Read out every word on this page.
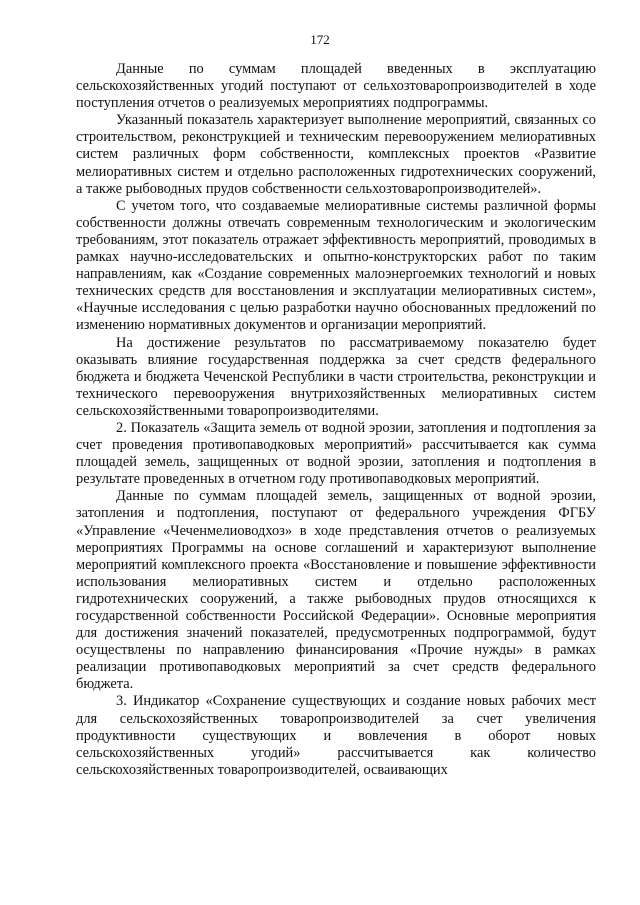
172

Данные по суммам площадей введенных в эксплуатацию сельскохозяйственных угодий поступают от сельхозтоваропроизводителей в ходе поступления отчетов о реализуемых мероприятиях подпрограммы.

Указанный показатель характеризует выполнение мероприятий, связанных со строительством, реконструкцией и техническим перевооружением мелиоративных систем различных форм собственности, комплексных проектов «Развитие мелиоративных систем и отдельно расположенных гидротехнических сооружений, а также рыбоводных прудов собственности сельхозтоваропроизводителей».

С учетом того, что создаваемые мелиоративные системы различной формы собственности должны отвечать современным технологическим и экологическим требованиям, этот показатель отражает эффективность мероприятий, проводимых в рамках научно-исследовательских и опытно-конструкторских работ по таким направлениям, как «Создание современных малоэнергоемких технологий и новых технических средств для восстановления и эксплуатации мелиоративных систем», «Научные исследования с целью разработки научно обоснованных предложений по изменению нормативных документов и организации мероприятий.

На достижение результатов по рассматриваемому показателю будет оказывать влияние государственная поддержка за счет средств федерального бюджета и бюджета Чеченской Республики в части строительства, реконструкции и технического перевооружения внутрихозяйственных мелиоративных систем сельскохозяйственными товаропроизводителями.

2. Показатель «Защита земель от водной эрозии, затопления и подтопления за счет проведения противопаводковых мероприятий» рассчитывается как сумма площадей земель, защищенных от водной эрозии, затопления и подтопления в результате проведенных в отчетном году противопаводковых мероприятий.

Данные по суммам площадей земель, защищенных от водной эрозии, затопления и подтопления, поступают от федерального учреждения ФГБУ «Управление «Чеченмелиоводхоз» в ходе представления отчетов о реализуемых мероприятиях Программы на основе соглашений и характеризуют выполнение мероприятий комплексного проекта «Восстановление и повышение эффективности использования мелиоративных систем и отдельно расположенных гидротехнических сооружений, а также рыбоводных прудов относящихся к государственной собственности Российской Федерации». Основные мероприятия для достижения значений показателей, предусмотренных подпрограммой, будут осуществлены по направлению финансирования «Прочие нужды» в рамках реализации противопаводковых мероприятий за счет средств федерального бюджета.

3. Индикатор «Сохранение существующих и создание новых рабочих мест для сельскохозяйственных товаропроизводителей за счет увеличения продуктивности существующих и вовлечения в оборот новых сельскохозяйственных угодий» рассчитывается как количество сельскохозяйственных товаропроизводителей, осваивающих
